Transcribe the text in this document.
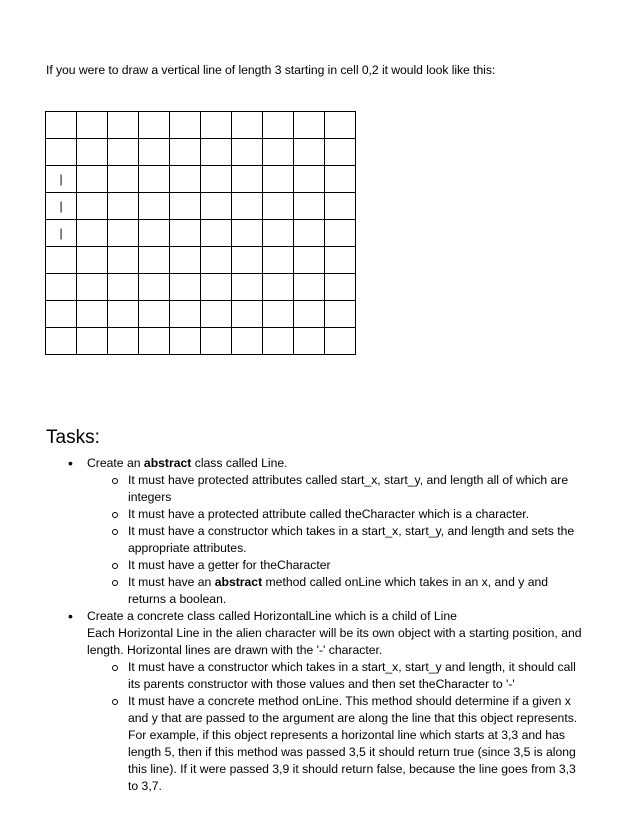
If you were to draw a vertical line of length 3 starting in cell 0,2 it would look like this:

|									
|									
|									

Tasks:
• Create an abstract class called Line.
It must have protected attributes called start_x, start_y, and length all of which are integers
It must have a protected attribute called theCharacter which is a character.
It must have a constructor which takes in a start_x, start_y, and length and sets the appropriate attributes.
It must have a getter for theCharacter
It must have an abstract method called onLine which takes in an x, and y and returns a boolean.
• Create a concrete class called HorizontalLine which is a child of Line
Each Horizontal Line in the alien character will be its own object with a starting position, and length. Horizontal lines are drawn with the '-' character.
It must have a constructor which takes in a start_x, start_y and length, it should call its parents constructor with those values and then set theCharacter to '-'
It must have a concrete method onLine. This method should determine if a given x and y that are passed to the argument are along the line that this object represents. For example, if this object represents a horizontal line which starts at 3,3 and has length 5, then if this method was passed 3,5 it should return true (since 3,5 is along this line). If it were passed 3,9 it should return false, because the line goes from 3,3 to 3,7.
